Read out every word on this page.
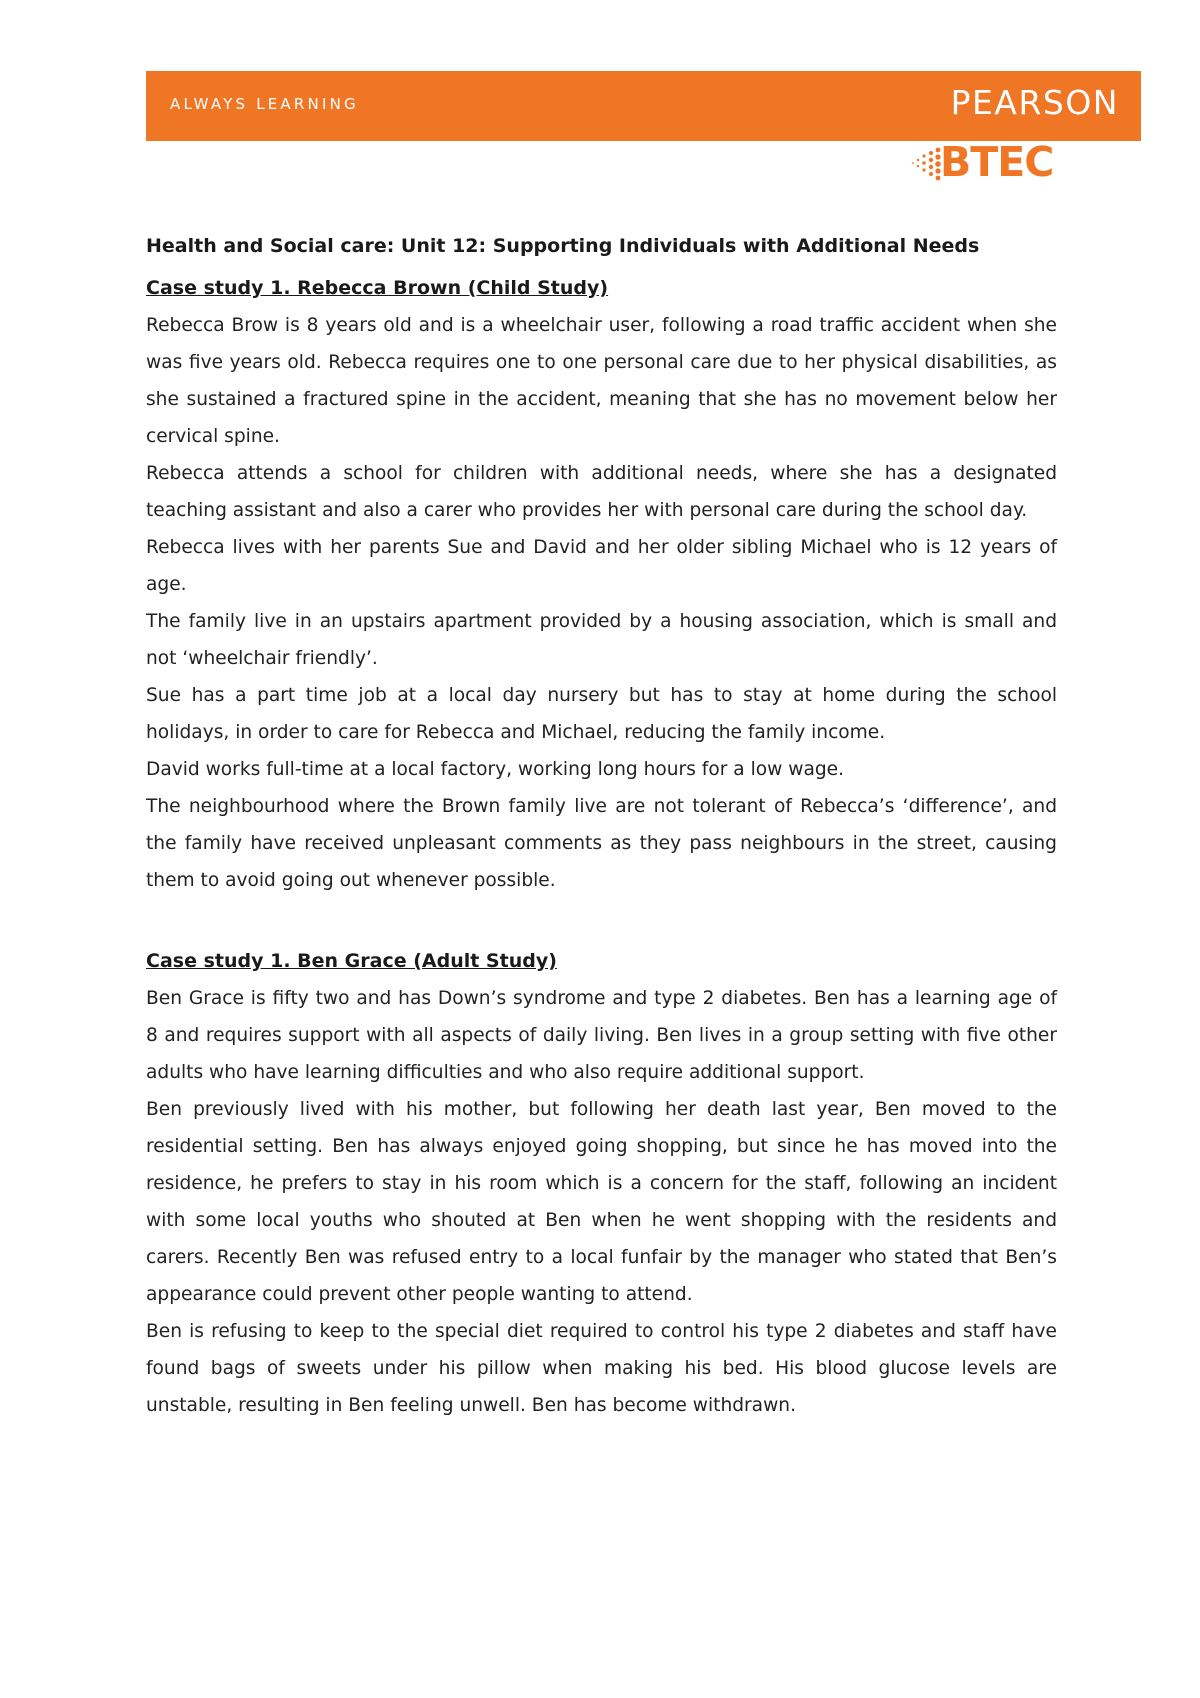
ALWAYS LEARNING	PEARSON
BTEC
Health and Social care: Unit 12: Supporting Individuals with Additional Needs
Case study 1. Rebecca Brown (Child Study)

Rebecca Brow is 8 years old and is a wheelchair user, following a road traffic accident when she was five years old. Rebecca requires one to one personal care due to her physical disabilities, as she sustained a fractured spine in the accident, meaning that she has no movement below her cervical spine.

Rebecca attends a school for children with additional needs, where she has a designated teaching assistant and also a carer who provides her with personal care during the school day.

Rebecca lives with her parents Sue and David and her older sibling Michael who is 12 years of age.

The family live in an upstairs apartment provided by a housing association, which is small and not ‘wheelchair friendly’.

Sue has a part time job at a local day nursery but has to stay at home during the school holidays, in order to care for Rebecca and Michael, reducing the family income.

David works full-time at a local factory, working long hours for a low wage.

The neighbourhood where the Brown family live are not tolerant of Rebecca’s ‘difference’, and the family have received unpleasant comments as they pass neighbours in the street, causing them to avoid going out whenever possible.

Case study 1. Ben Grace (Adult Study)

Ben Grace is fifty two and has Down’s syndrome and type 2 diabetes. Ben has a learning age of 8 and requires support with all aspects of daily living. Ben lives in a group setting with five other adults who have learning difficulties and who also require additional support.

Ben previously lived with his mother, but following her death last year, Ben moved to the residential setting. Ben has always enjoyed going shopping, but since he has moved into the residence, he prefers to stay in his room which is a concern for the staff, following an incident with some local youths who shouted at Ben when he went shopping with the residents and carers. Recently Ben was refused entry to a local funfair by the manager who stated that Ben’s appearance could prevent other people wanting to attend.

Ben is refusing to keep to the special diet required to control his type 2 diabetes and staff have found bags of sweets under his pillow when making his bed. His blood glucose levels are unstable, resulting in Ben feeling unwell. Ben has become withdrawn.
